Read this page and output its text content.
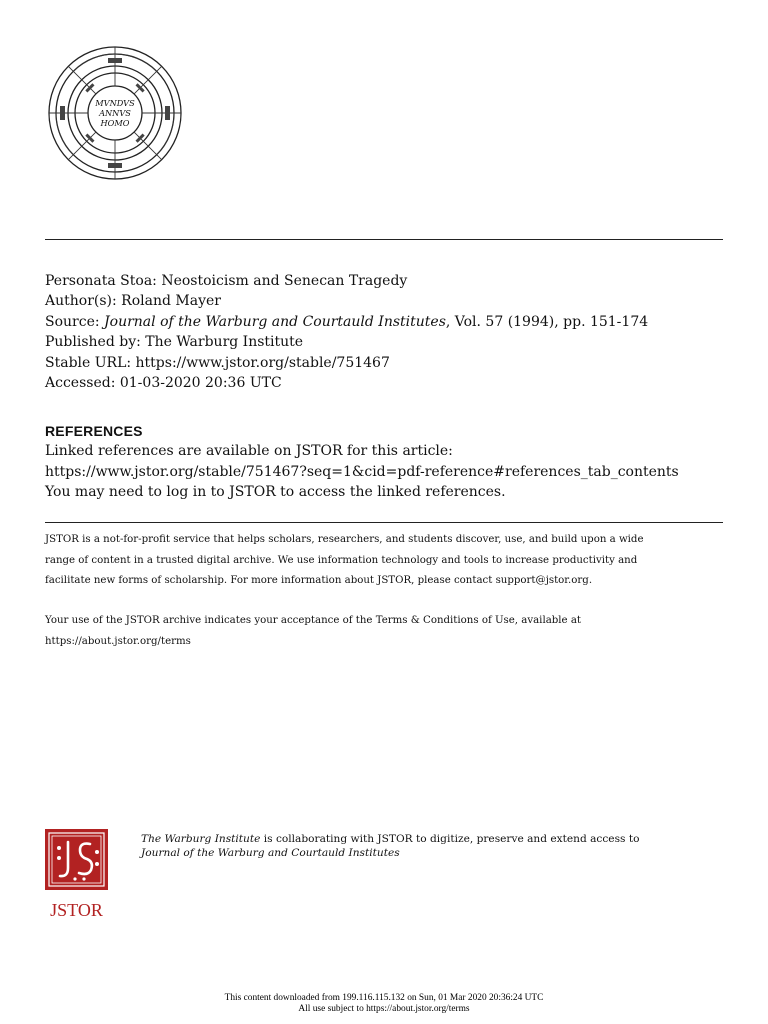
MVNDVS
ANNVS
HOMO
Personata Stoa: Neostoicism and Senecan Tragedy
Author(s): Roland Mayer
Source: Journal of the Warburg and Courtauld Institutes, Vol. 57 (1994), pp. 151-174
Published by: The Warburg Institute
Stable URL: https://www.jstor.org/stable/751467
Accessed: 01-03-2020 20:36 UTC
REFERENCES
Linked references are available on JSTOR for this article:
https://www.jstor.org/stable/751467?seq=1&cid=pdf-reference#references_tab_contents
You may need to log in to JSTOR to access the linked references.

JSTOR is a not-for-profit service that helps scholars, researchers, and students discover, use, and build upon a wide

range of content in a trusted digital archive. We use information technology and tools to increase productivity and

facilitate new forms of scholarship. For more information about JSTOR, please contact support@jstor.org.

Your use of the JSTOR archive indicates your acceptance of the Terms & Conditions of Use, available at

https://about.jstor.org/terms

JSTOR
The Warburg Institute is collaborating with JSTOR to digitize, preserve and extend access to
Journal of the Warburg and Courtauld Institutes
This content downloaded from 199.116.115.132 on Sun, 01 Mar 2020 20:36:24 UTC
All use subject to https://about.jstor.org/terms
